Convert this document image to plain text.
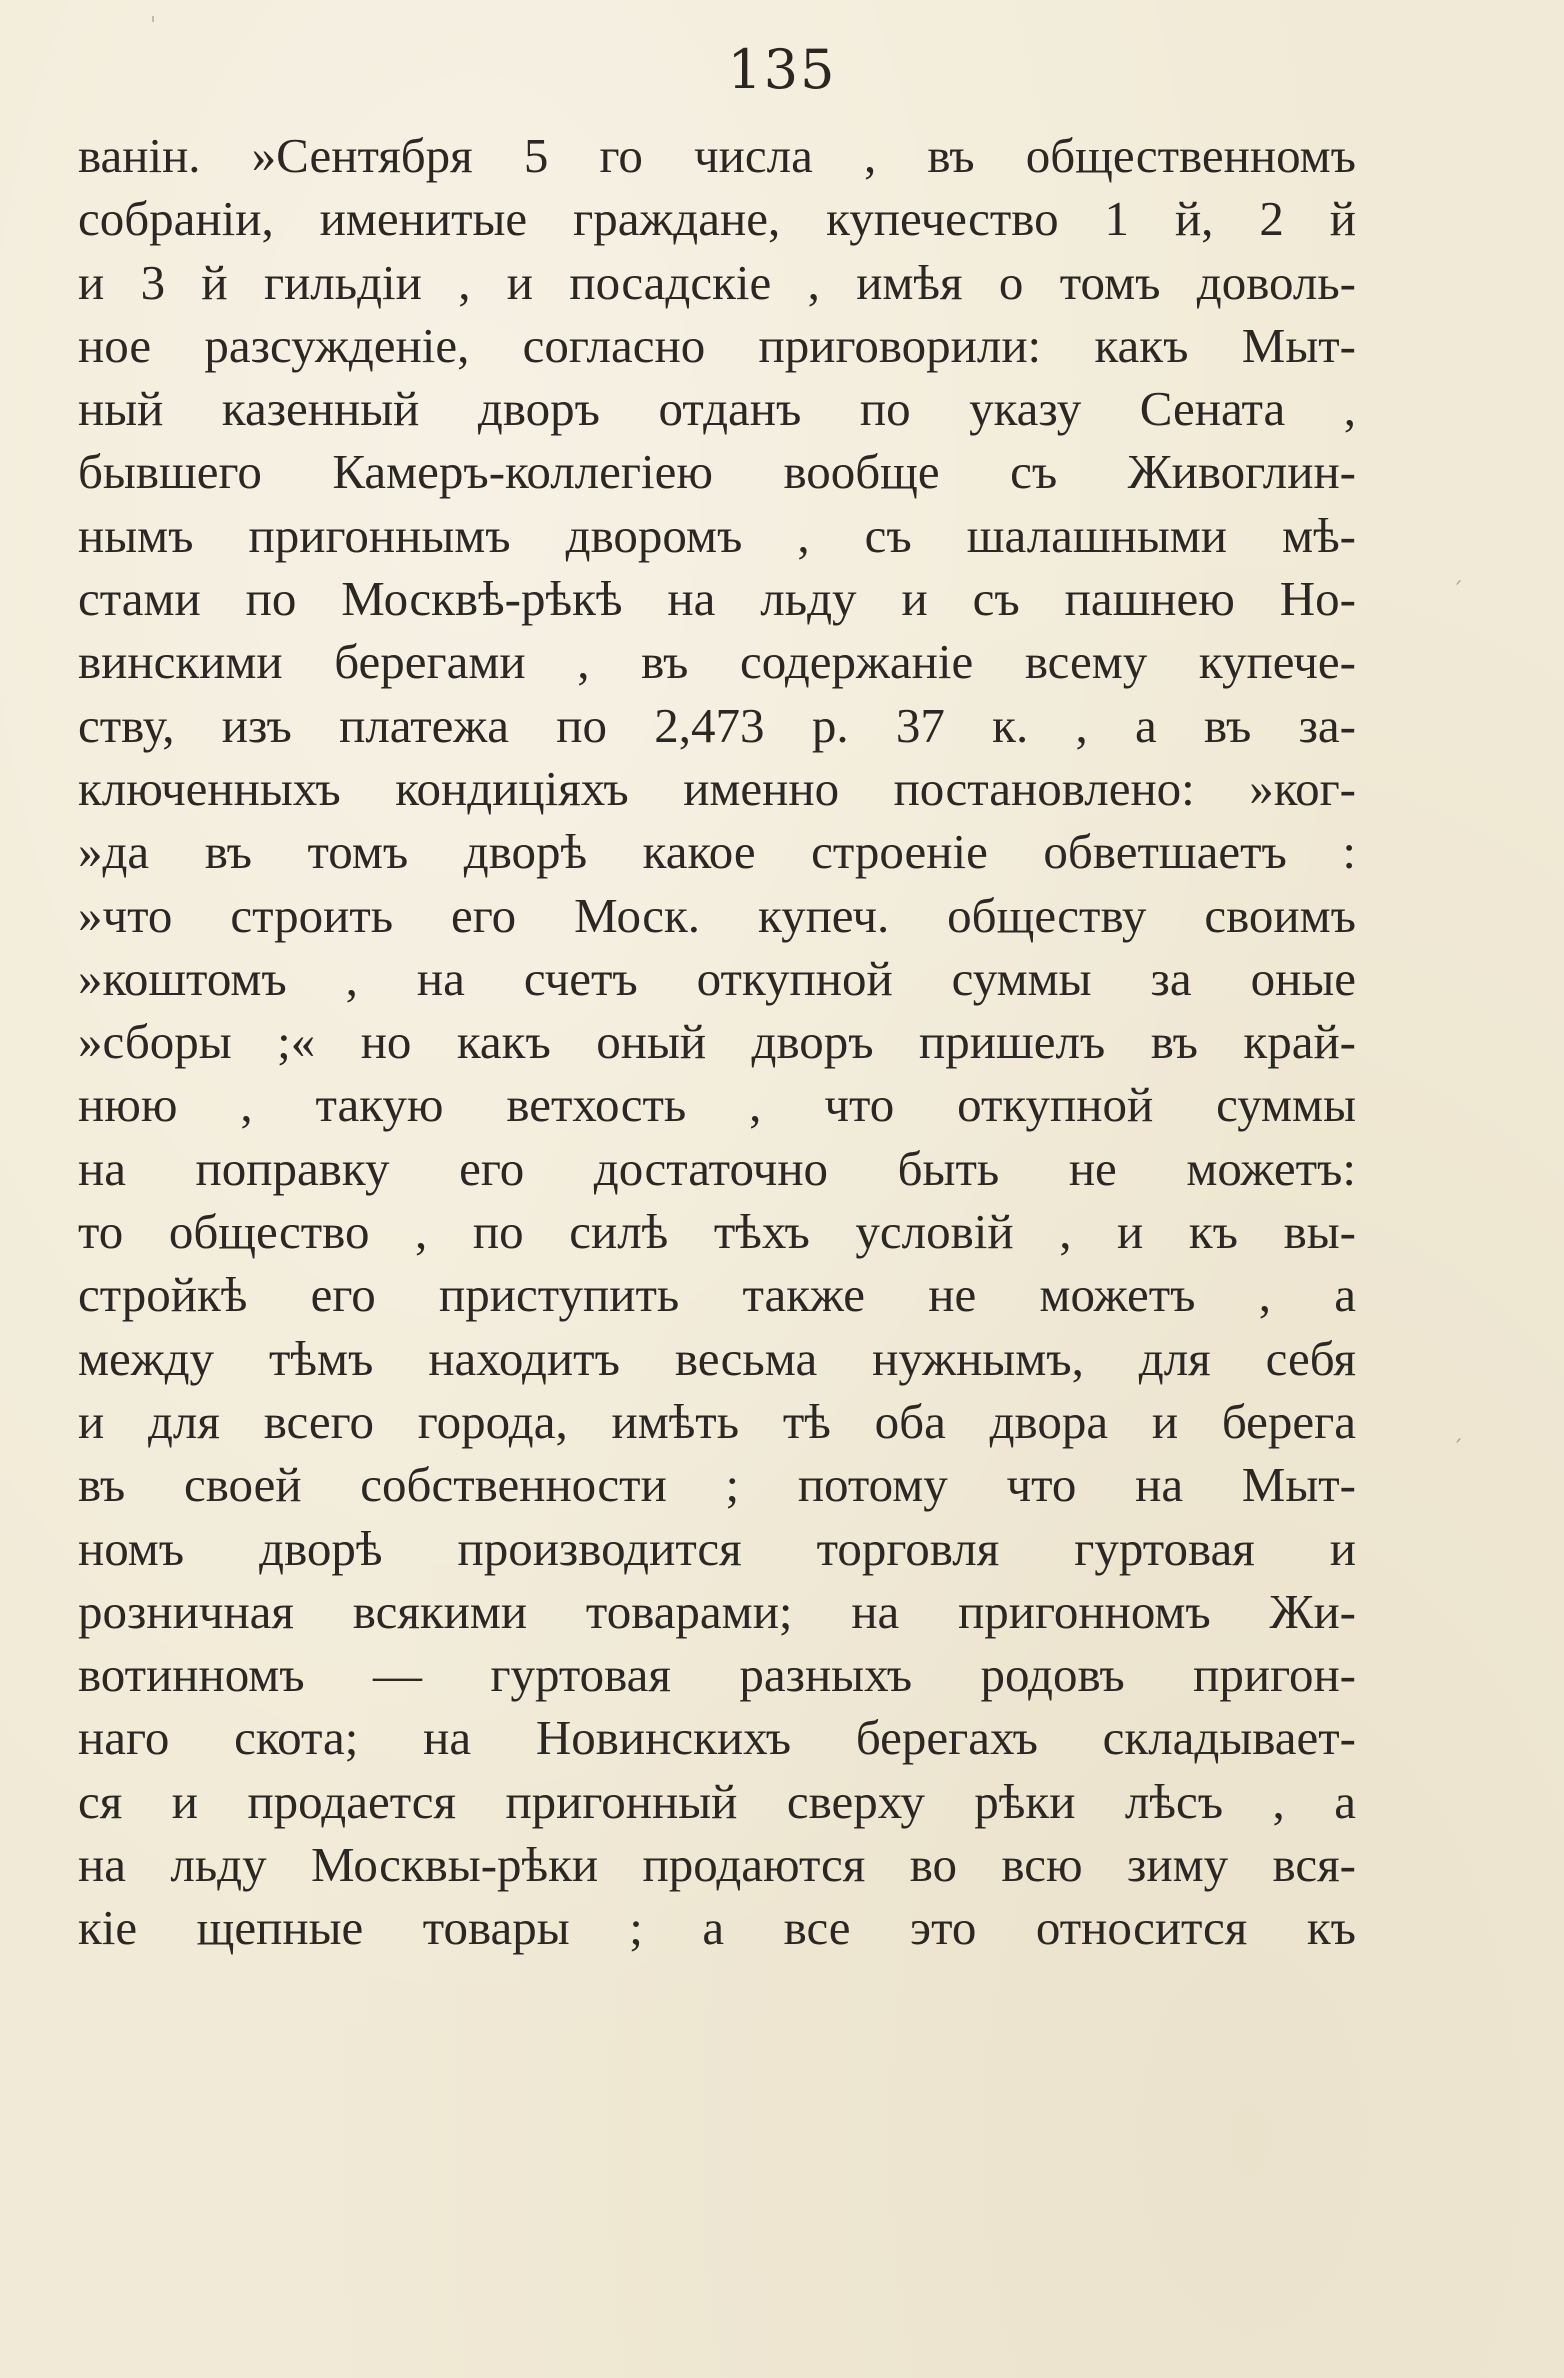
135
ванін. »Сентября 5 го числа , въ общественномъ
собраніи, именитые граждане, купечество 1 й, 2 й
и 3 й гильдіи , и посадскіе , имѣя о томъ доволь-
ное разсужденіе, согласно приговорили: какъ Мыт-
ный казенный дворъ отданъ по указу Сената ,
бывшего Камеръ-коллегіею вообще съ Живоглин-
нымъ пригоннымъ дворомъ , съ шалашными мѣ-
стами по Москвѣ-рѣкѣ на льду и съ пашнею Но-
винскими берегами , въ содержаніе всему купече-
ству, изъ платежа по 2,473 р. 37 к. , а въ за-
ключенныхъ кондиціяхъ именно постановлено: »ког-
»да въ томъ дворѣ какое строеніе обветшаетъ :
»что строить его Моск. купеч. обществу своимъ
»коштомъ , на счетъ откупной суммы за оные
»сборы ;« но какъ оный дворъ пришелъ въ край-
нюю , такую ветхость , что откупной суммы
на поправку его достаточно быть не можетъ:
то общество , по силѣ тѣхъ условій , и къ вы-
стройкѣ его приступить также не можетъ , а
между тѣмъ находитъ весьма нужнымъ, для себя
и для всего города, имѣть тѣ оба двора и берега
въ своей собственности ; потому что на Мыт-
номъ дворѣ производится торговля гуртовая и
розничная всякими товарами; на пригонномъ Жи-
вотинномъ — гуртовая разныхъ родовъ пригон-
наго скота; на Новинскихъ берегахъ складывает-
ся и продается пригонный сверху рѣки лѣсъ , а
на льду Москвы-рѣки продаются во всю зиму вся-
кіе щепные товары ; а все это относится къ
ˈ
ˏ
ˏ
